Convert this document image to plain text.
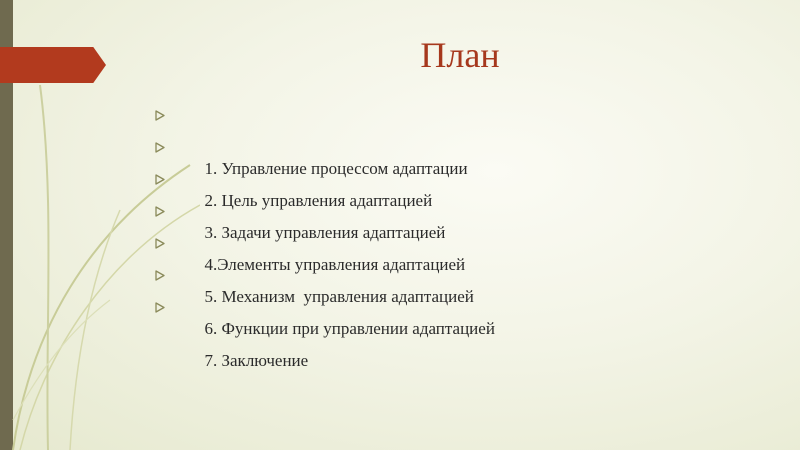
План

1. Управление процессом адаптации

2. Цель управления адаптацией

3. Задачи управления адаптацией

4.Элементы управления адаптацией

5. Механизм  управления адаптацией

6. Функции при управлении адаптацией

7. Заключение
